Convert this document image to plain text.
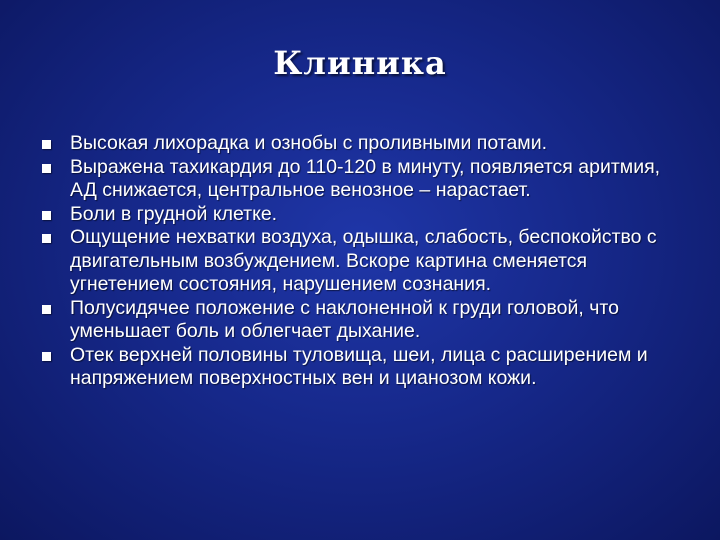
Клиника
Высокая лихорадка и ознобы с проливными потами.
Выражена тахикардия до 110-120 в минуту, появляется аритмия, АД снижается, центральное венозное – нарастает.
Боли в грудной клетке.
Ощущение нехватки воздуха, одышка, слабость, беспокойство с двигательным возбуждением. Вскоре картина сменяется угнетением состояния, нарушением сознания.
Полусидячее положение с наклоненной к груди головой, что уменьшает боль и облегчает дыхание.
Отек верхней половины туловища, шеи, лица с расширением и напряжением поверхностных вен и цианозом кожи.
